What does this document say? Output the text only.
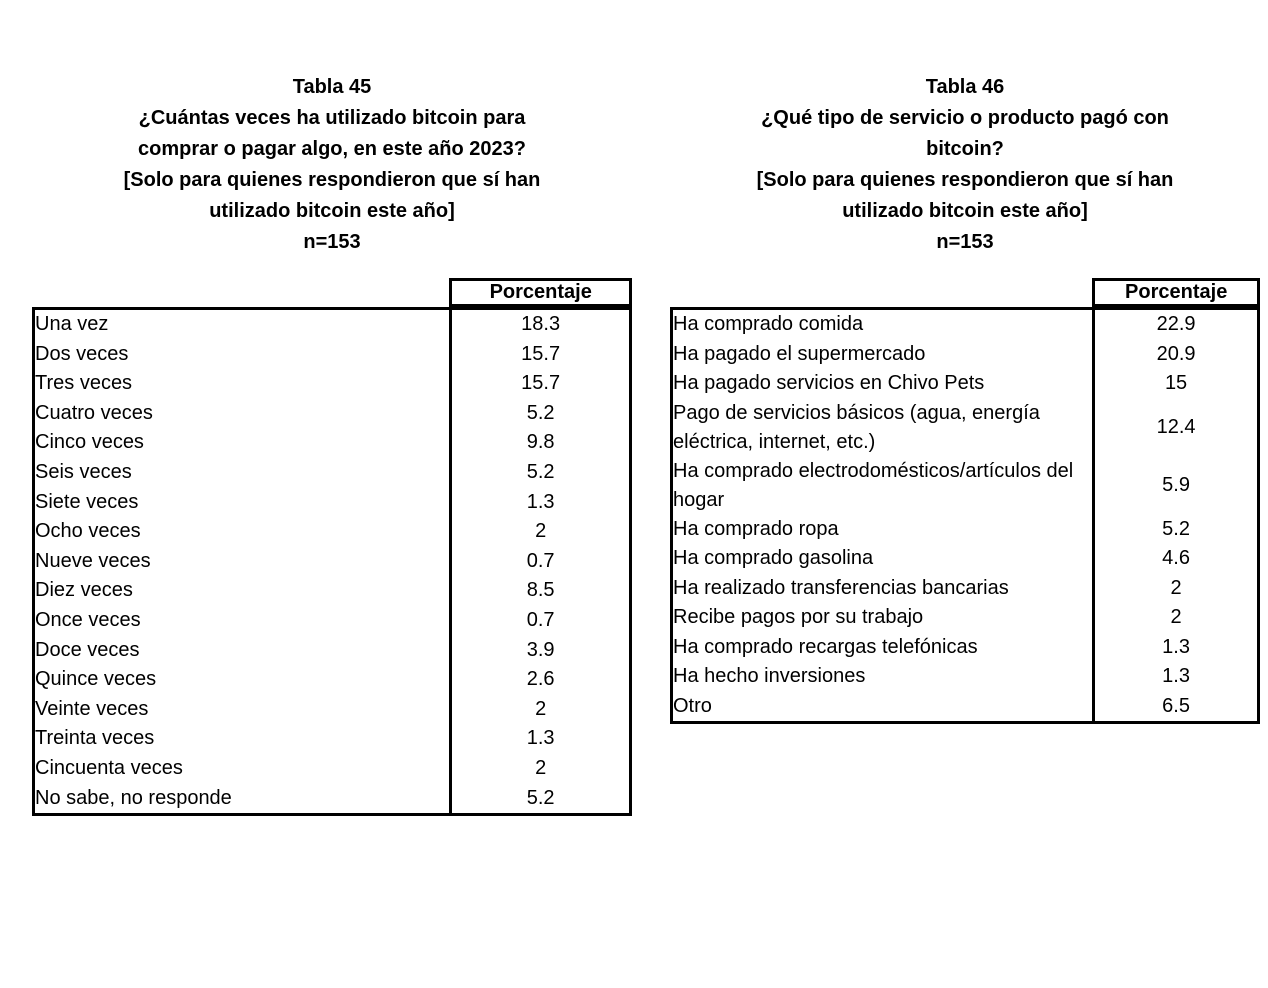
Tabla 45
¿Cuántas veces ha utilizado bitcoin para
comprar o pagar algo, en este año 2023?
[Solo para quienes respondieron que sí han
utilizado bitcoin este año]
n=153
	Porcentaje
Una vez	18.3
Dos veces	15.7
Tres veces	15.7
Cuatro veces	5.2
Cinco veces	9.8
Seis veces	5.2
Siete veces	1.3
Ocho veces	2
Nueve veces	0.7
Diez veces	8.5
Once veces	0.7
Doce veces	3.9
Quince veces	2.6
Veinte veces	2
Treinta veces	1.3
Cincuenta veces	2
No sabe, no responde	5.2
Tabla 46
¿Qué tipo de servicio o producto pagó con
bitcoin?
[Solo para quienes respondieron que sí han
utilizado bitcoin este año]
n=153
	Porcentaje
Ha comprado comida	22.9
Ha pagado el supermercado	20.9
Ha pagado servicios en Chivo Pets	15
Pago de servicios básicos (agua, energía eléctrica, internet, etc.)	12.4
Ha comprado electrodomésticos/artículos del hogar	5.9
Ha comprado ropa	5.2
Ha comprado gasolina	4.6
Ha realizado transferencias bancarias	2
Recibe pagos por su trabajo	2
Ha comprado recargas telefónicas	1.3
Ha hecho inversiones	1.3
Otro	6.5
